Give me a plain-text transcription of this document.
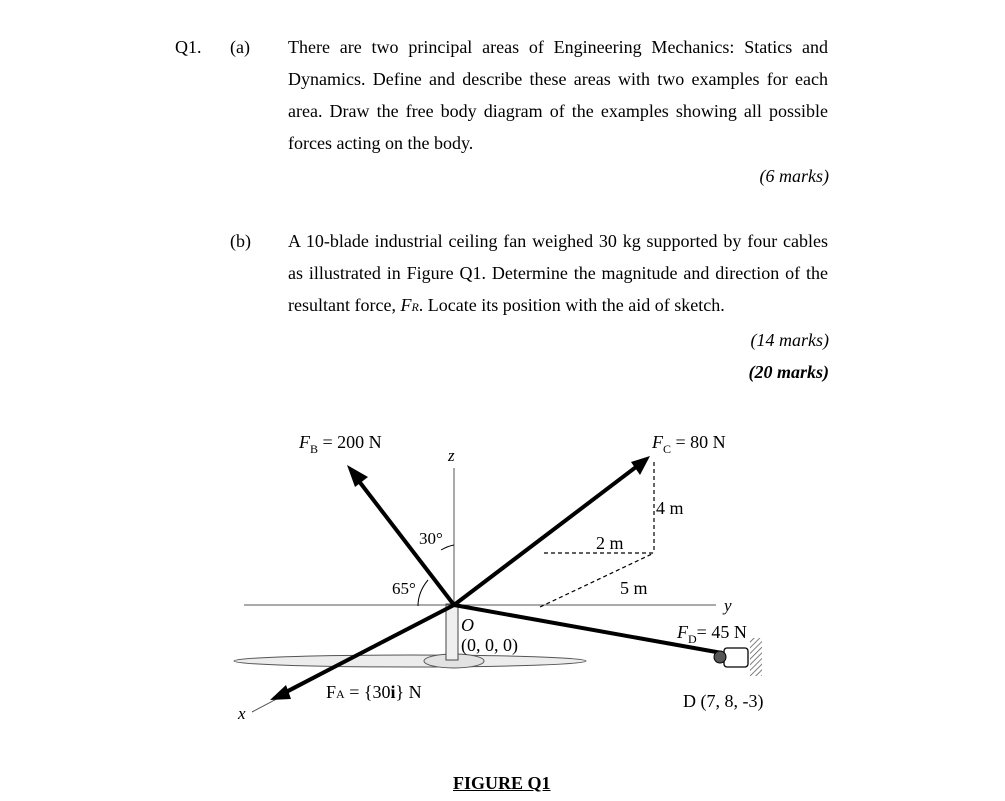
Q1. (a) There are two principal areas of Engineering Mechanics: Statics and Dynamics. Define and describe these areas with two examples for each area. Draw the free body diagram of the examples showing all possible forces acting on the body.
(6 marks)
(b) A 10-blade industrial ceiling fan weighed 30 kg supported by four cables as illustrated in Figure Q1. Determine the magnitude and direction of the resultant force, FR. Locate its position with the aid of sketch.
(14 marks)
(20 marks)
$F_B = 200$ N	$F_C = 80$ N
$F_D= 45$ N
FA = {30i} N
z
y
x
O
(0, 0, 0)
30°
65°
4 m
2 m
5 m
D (7, 8, -3)
FIGURE Q1
